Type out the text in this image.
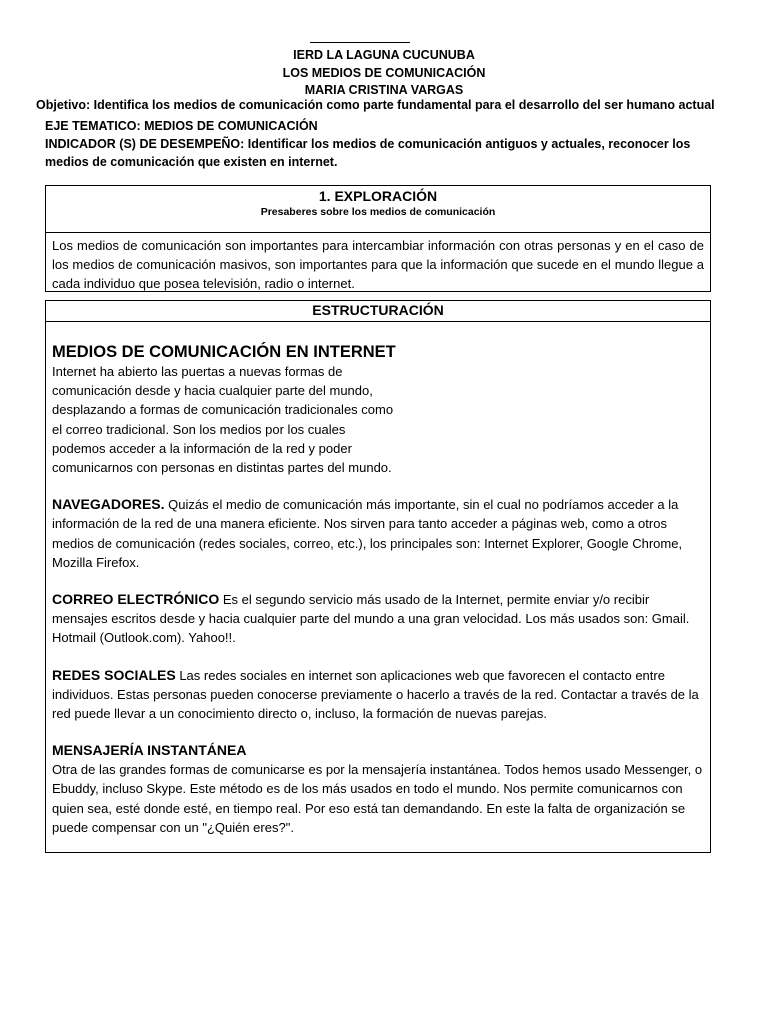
IERD LA LAGUNA CUCUNUBA
LOS MEDIOS DE COMUNICACIÓN
MARIA CRISTINA VARGAS
Objetivo: Identifica los medios de comunicación como parte fundamental para el desarrollo del ser humano actual
EJE TEMATICO: MEDIOS DE COMUNICACIÓN
INDICADOR (S) DE DESEMPEÑO: Identificar los medios de comunicación antiguos y actuales, reconocer los medios de comunicación que existen en internet.
1. EXPLORACIÓN
Presaberes sobre los medios de comunicación
Los medios de comunicación son importantes para intercambiar información con otras personas y en el caso de los medios de comunicación masivos, son importantes para que la información que sucede en el mundo llegue a cada individuo que posea televisión, radio o internet.
ESTRUCTURACIÓN
MEDIOS DE COMUNICACIÓN EN INTERNET
Internet ha abierto las puertas a nuevas formas de comunicación desde y hacia cualquier parte del mundo, desplazando a formas de comunicación tradicionales como el correo tradicional. Son los medios por los cuales podemos acceder a la información de la red y poder comunicarnos con personas en distintas partes del mundo.
NAVEGADORES. Quizás el medio de comunicación más importante, sin el cual no podríamos acceder a la información de la red de una manera eficiente. Nos sirven para tanto acceder a páginas web, como a otros medios de comunicación (redes sociales, correo, etc.), los principales son: Internet Explorer, Google Chrome, Mozilla Firefox.
CORREO ELECTRÓNICO Es el segundo servicio más usado de la Internet, permite enviar y/o recibir mensajes escritos desde y hacia cualquier parte del mundo a una gran velocidad. Los más usados son: Gmail. Hotmail (Outlook.com). Yahoo!!.
REDES SOCIALES Las redes sociales en internet son aplicaciones web que favorecen el contacto entre individuos. Estas personas pueden conocerse previamente o hacerlo a través de la red. Contactar a través de la red puede llevar a un conocimiento directo o, incluso, la formación de nuevas parejas.
MENSAJERÍA INSTANTÁNEA
Otra de las grandes formas de comunicarse es por la mensajería instantánea. Todos hemos usado Messenger, o Ebuddy, incluso Skype. Este método es de los más usados en todo el mundo. Nos permite comunicarnos con quien sea, esté donde esté, en tiempo real. Por eso está tan demandando. En este la falta de organización se puede compensar con un "¿Quién eres?".
